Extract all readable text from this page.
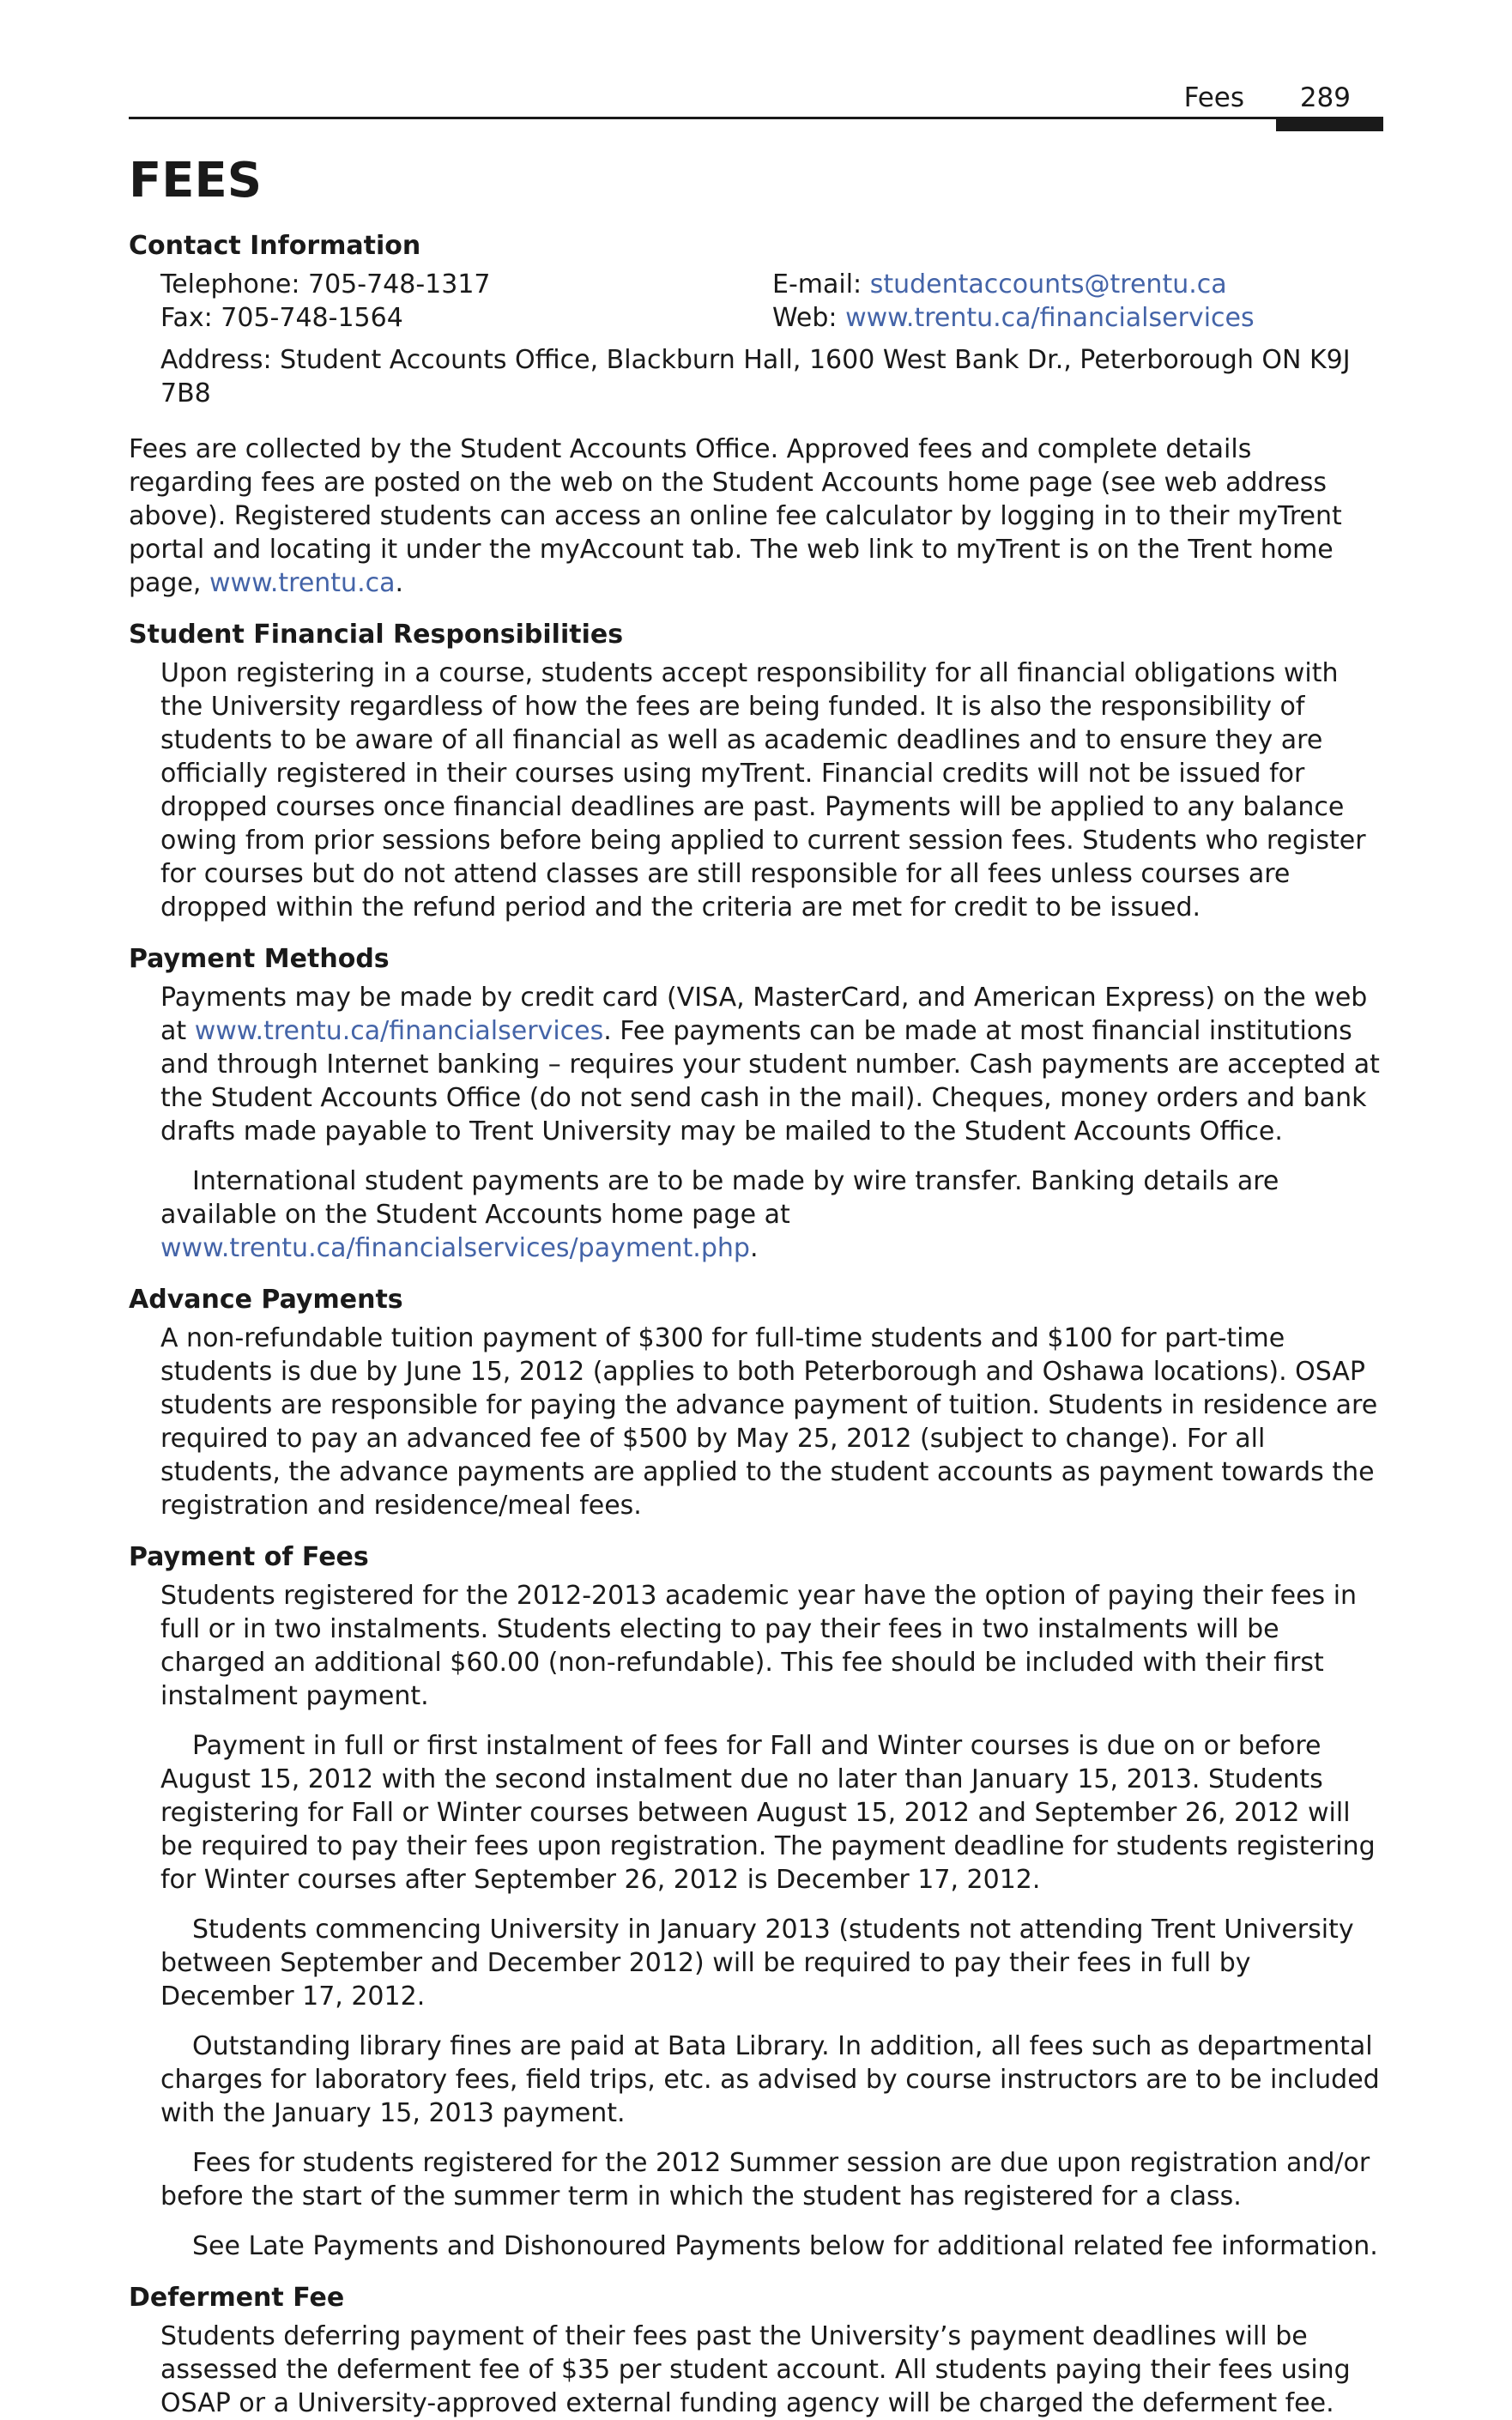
Fees 289
FEES
Contact Information
Telephone: 705-748-1317
Fax: 705-748-1564
E-mail: studentaccounts@trentu.ca
Web: www.trentu.ca/financialservices

Address: Student Accounts Office, Blackburn Hall, 1600 West Bank Dr., Peterborough ON K9J 7B8

Fees are collected by the Student Accounts Office. Approved fees and complete details regarding fees are posted on the web on the Student Accounts home page (see web address above). Registered students can access an online fee calculator by logging in to their myTrent portal and locating it under the myAccount tab. The web link to myTrent is on the Trent home page, www.trentu.ca.

Student Financial Responsibilities

Upon registering in a course, students accept responsibility for all financial obligations with the University regardless of how the fees are being funded. It is also the responsibility of students to be aware of all financial as well as academic deadlines and to ensure they are officially registered in their courses using myTrent. Financial credits will not be issued for dropped courses once financial deadlines are past. Payments will be applied to any balance owing from prior sessions before being applied to current session fees. Students who register for courses but do not attend classes are still responsible for all fees unless courses are dropped within the refund period and the criteria are met for credit to be issued.

Payment Methods

Payments may be made by credit card (VISA, MasterCard, and American Express) on the web at www.trentu.ca/financialservices. Fee payments can be made at most financial institutions and through Internet banking – requires your student number. Cash payments are accepted at the Student Accounts Office (do not send cash in the mail). Cheques, money orders and bank drafts made payable to Trent University may be mailed to the Student Accounts Office.

International student payments are to be made by wire transfer. Banking details are available on the Student Accounts home page at www.trentu.ca/financialservices/payment.php.

Advance Payments

A non-refundable tuition payment of $300 for full-time students and $100 for part-time students is due by June 15, 2012 (applies to both Peterborough and Oshawa locations). OSAP students are responsible for paying the advance payment of tuition. Students in residence are required to pay an advanced fee of $500 by May 25, 2012 (subject to change). For all students, the advance payments are applied to the student accounts as payment towards the registration and residence/meal fees.

Payment of Fees

Students registered for the 2012-2013 academic year have the option of paying their fees in full or in two instalments. Students electing to pay their fees in two instalments will be charged an additional $60.00 (non-refundable). This fee should be included with their first instalment payment.

Payment in full or first instalment of fees for Fall and Winter courses is due on or before August 15, 2012 with the second instalment due no later than January 15, 2013. Students registering for Fall or Winter courses between August 15, 2012 and September 26, 2012 will be required to pay their fees upon registration. The payment deadline for students registering for Winter courses after September 26, 2012 is December 17, 2012.

Students commencing University in January 2013 (students not attending Trent University between September and December 2012) will be required to pay their fees in full by December 17, 2012.

Outstanding library fines are paid at Bata Library. In addition, all fees such as departmental charges for laboratory fees, field trips, etc. as advised by course instructors are to be included with the January 15, 2013 payment.

Fees for students registered for the 2012 Summer session are due upon registration and/or before the start of the summer term in which the student has registered for a class.

See Late Payments and Dishonoured Payments below for additional related fee information.

Deferment Fee

Students deferring payment of their fees past the University’s payment deadlines will be assessed the deferment fee of $35 per student account. All students paying their fees using OSAP or a University-approved external funding agency will be charged the deferment fee.
